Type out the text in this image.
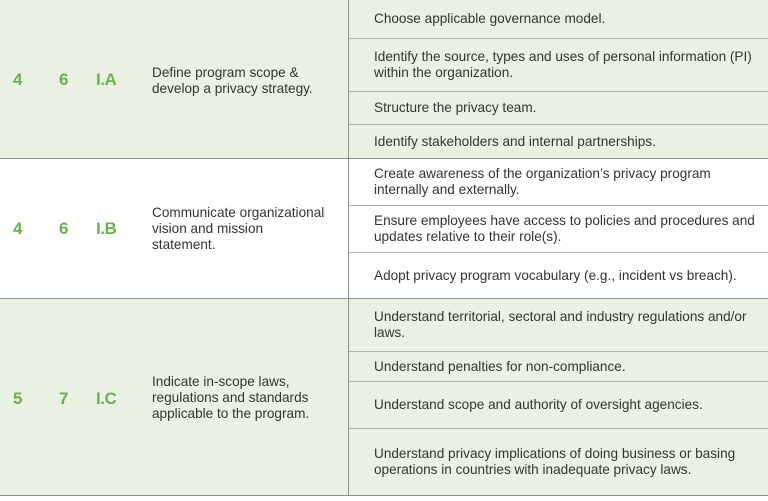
4 6 I.A	Define program scope & develop a privacy strategy.
Choose applicable governance model.
Identify the source, types and uses of personal information (PI) within the organization.
Structure the privacy team.
Identify stakeholders and internal partnerships.
4 6 I.B
Communicate organizational vision and mission statement.
Create awareness of the organization’s privacy program internally and externally.
Ensure employees have access to policies and procedures and updates relative to their role(s).
Adopt privacy program vocabulary (e.g., incident vs breach).
5 7 I.C
Indicate in-scope laws, regulations and standards applicable to the program.
Understand territorial, sectoral and industry regulations and/or laws.
Understand penalties for non-compliance.
Understand scope and authority of oversight agencies.
Understand privacy implications of doing business or basing operations in countries with inadequate privacy laws.
